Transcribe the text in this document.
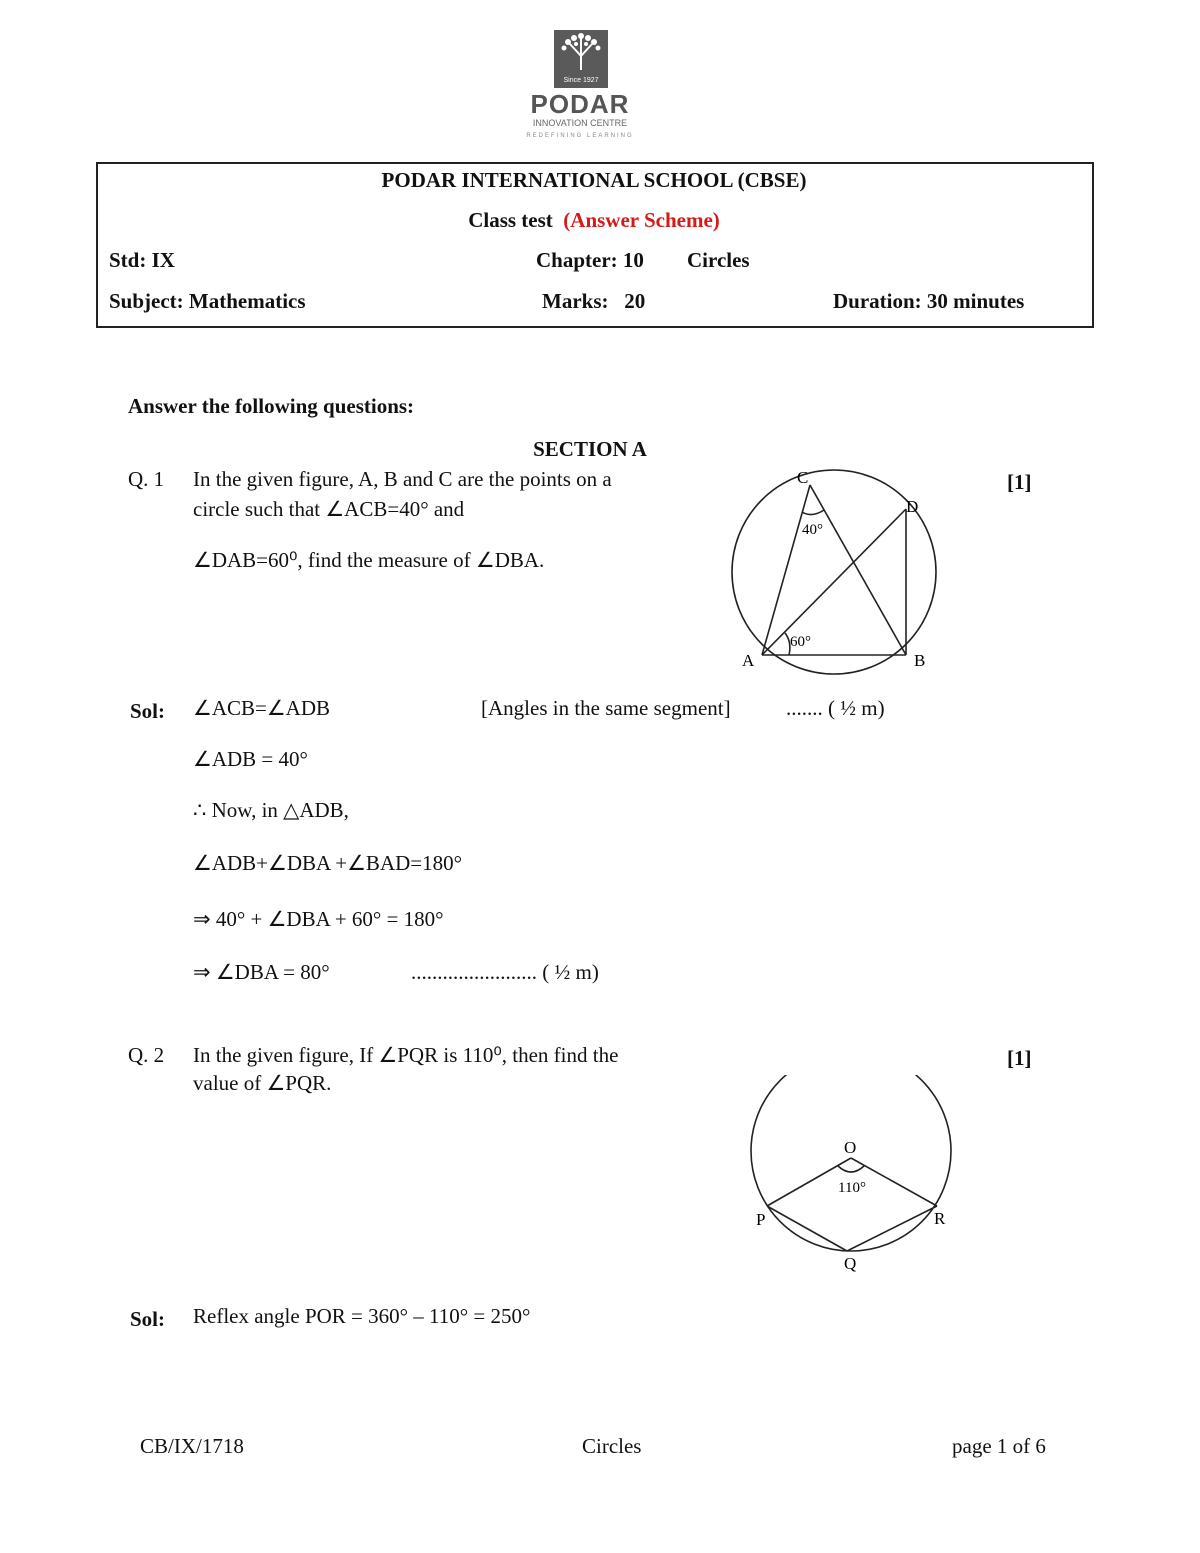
Since 1927
PODAR
INNOVATION CENTRE
REDEFINING LEARNING
PODAR INTERNATIONAL SCHOOL (CBSE)
Class test (Answer Scheme)
Std: IX	Chapter: 10 Circles
Subject: Mathematics	Marks:   20	Duration: 30 minutes
Answer the following questions:
SECTION A
Q. 1 In the given figure, A, B and C are the points on a
circle such that ∠ACB=40° and
∠DAB=60⁰, find the measure of ∠DBA.
[1]
C
D
A	B
40°
60°
Sol: ∠ACB=∠ADB	[Angles in the same segment]	....... ( ½ m)
∠ADB = 40°
∴ Now, in △ADB,
∠ADB+∠DBA +∠BAD=180°
⇒ 40° + ∠DBA + 60° = 180°
⇒ ∠DBA = 80°	........................ ( ½ m)
Q. 2 In the given figure, If ∠PQR is 110⁰, then find the
value of ∠PQR.
[1]
O
P	R
Q
110°
Sol: Reflex angle POR = 360° – 110° = 250°
CB/IX/1718	Circles	page 1 of 6
